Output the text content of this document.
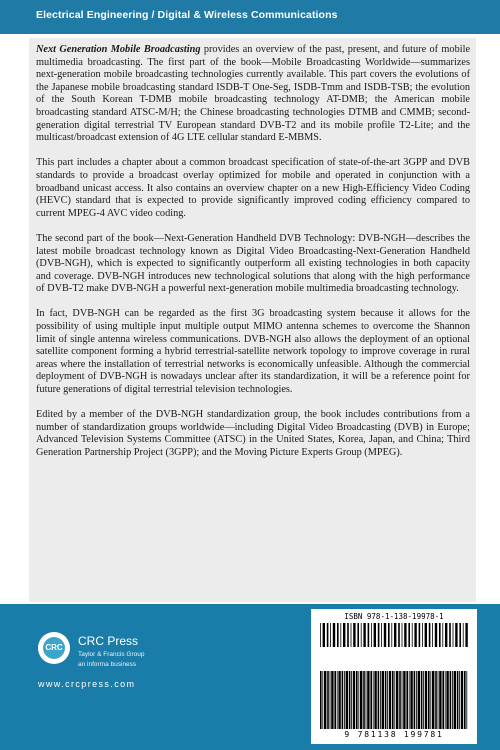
Electrical Engineering / Digital & Wireless Communications

Next Generation Mobile Broadcasting provides an overview of the past, present, and future of mobile multimedia broadcasting. The first part of the book—Mobile Broadcasting Worldwide—summarizes next-generation mobile broadcasting technologies currently available. This part covers the evolutions of the Japanese mobile broadcasting standard ISDB-T One-Seg, ISDB-Tmm and ISDB-TSB; the evolution of the South Korean T-DMB mobile broadcasting technology AT-DMB; the American mobile broadcasting standard ATSC-M/H; the Chinese broadcasting technologies DTMB and CMMB; second-generation digital terrestrial TV European standard DVB-T2 and its mobile profile T2-Lite; and the multicast/broadcast extension of 4G LTE cellular standard E-MBMS.

This part includes a chapter about a common broadcast specification of state-of-the-art 3GPP and DVB standards to provide a broadcast overlay optimized for mobile and operated in conjunction with a broadband unicast access. It also contains an overview chapter on a new High-Efficiency Video Coding (HEVC) standard that is expected to provide significantly improved coding efficiency compared to current MPEG-4 AVC video coding.

The second part of the book—Next-Generation Handheld DVB Technology: DVB-NGH—describes the latest mobile broadcast technology known as Digital Video Broadcasting-Next-Generation Handheld (DVB-NGH), which is expected to significantly outperform all existing technologies in both capacity and coverage. DVB-NGH introduces new technological solutions that along with the high performance of DVB-T2 make DVB-NGH a powerful next-generation mobile multimedia broadcasting technology.

In fact, DVB-NGH can be regarded as the first 3G broadcasting system because it allows for the possibility of using multiple input multiple output MIMO antenna schemes to overcome the Shannon limit of single antenna wireless communications. DVB-NGH also allows the deployment of an optional satellite component forming a hybrid terrestrial-satellite network topology to improve coverage in rural areas where the installation of terrestrial networks is economically unfeasible. Although the commercial deployment of DVB-NGH is nowadays unclear after its standardization, it will be a reference point for future generations of digital terrestrial television technologies.

Edited by a member of the DVB-NGH standardization group, the book includes contributions from a number of standardization groups worldwide—including Digital Video Broadcasting (DVB) in Europe; Advanced Television Systems Committee (ATSC) in the United States, Korea, Japan, and China; Third Generation Partnership Project (3GPP); and the Moving Picture Experts Group (MPEG).

CRC CRC Press
Taylor & Francis Group
an informa business
www.crcpress.com
ISBN 978-1-138-19978-1
9 781138 199781
